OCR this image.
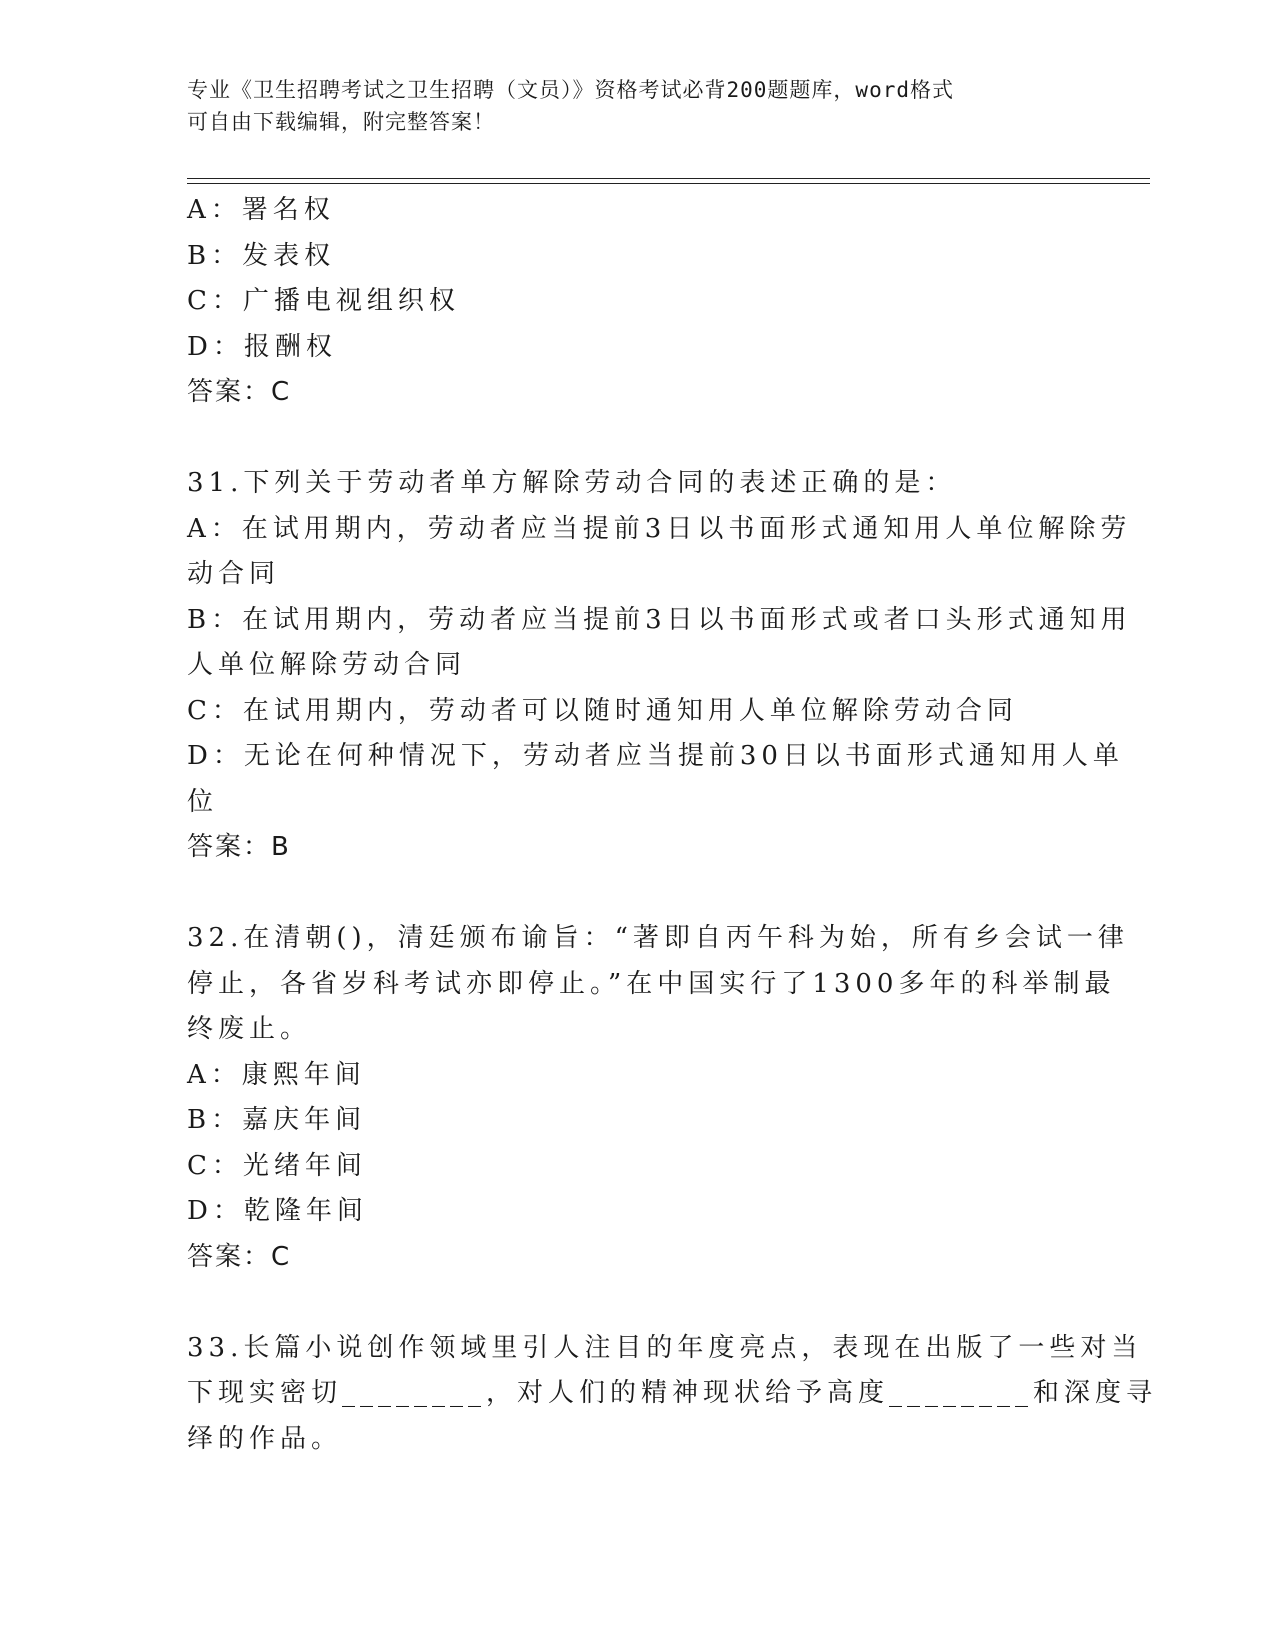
专业《卫生招聘考试之卫生招聘（文员）》资格考试必背200题题库，word格式
可自由下载编辑，附完整答案！
A：署名权
B：发表权
C：广播电视组织权
D：报酬权
答案：C
31.下列关于劳动者单方解除劳动合同的表述正确的是：
A：在试用期内，劳动者应当提前3日以书面形式通知用人单位解除劳
动合同
B：在试用期内，劳动者应当提前3日以书面形式或者口头形式通知用
人单位解除劳动合同
C：在试用期内，劳动者可以随时通知用人单位解除劳动合同
D：无论在何种情况下，劳动者应当提前30日以书面形式通知用人单
位
答案：B
32.在清朝()，清廷颁布谕旨：“著即自丙午科为始，所有乡会试一律
停止，各省岁科考试亦即停止。”在中国实行了1300多年的科举制最
终废止。
A：康熙年间
B：嘉庆年间
C：光绪年间
D：乾隆年间
答案：C
33.长篇小说创作领域里引人注目的年度亮点，表现在出版了一些对当
下现实密切________，对人们的精神现状给予高度________和深度寻
绎的作品。
